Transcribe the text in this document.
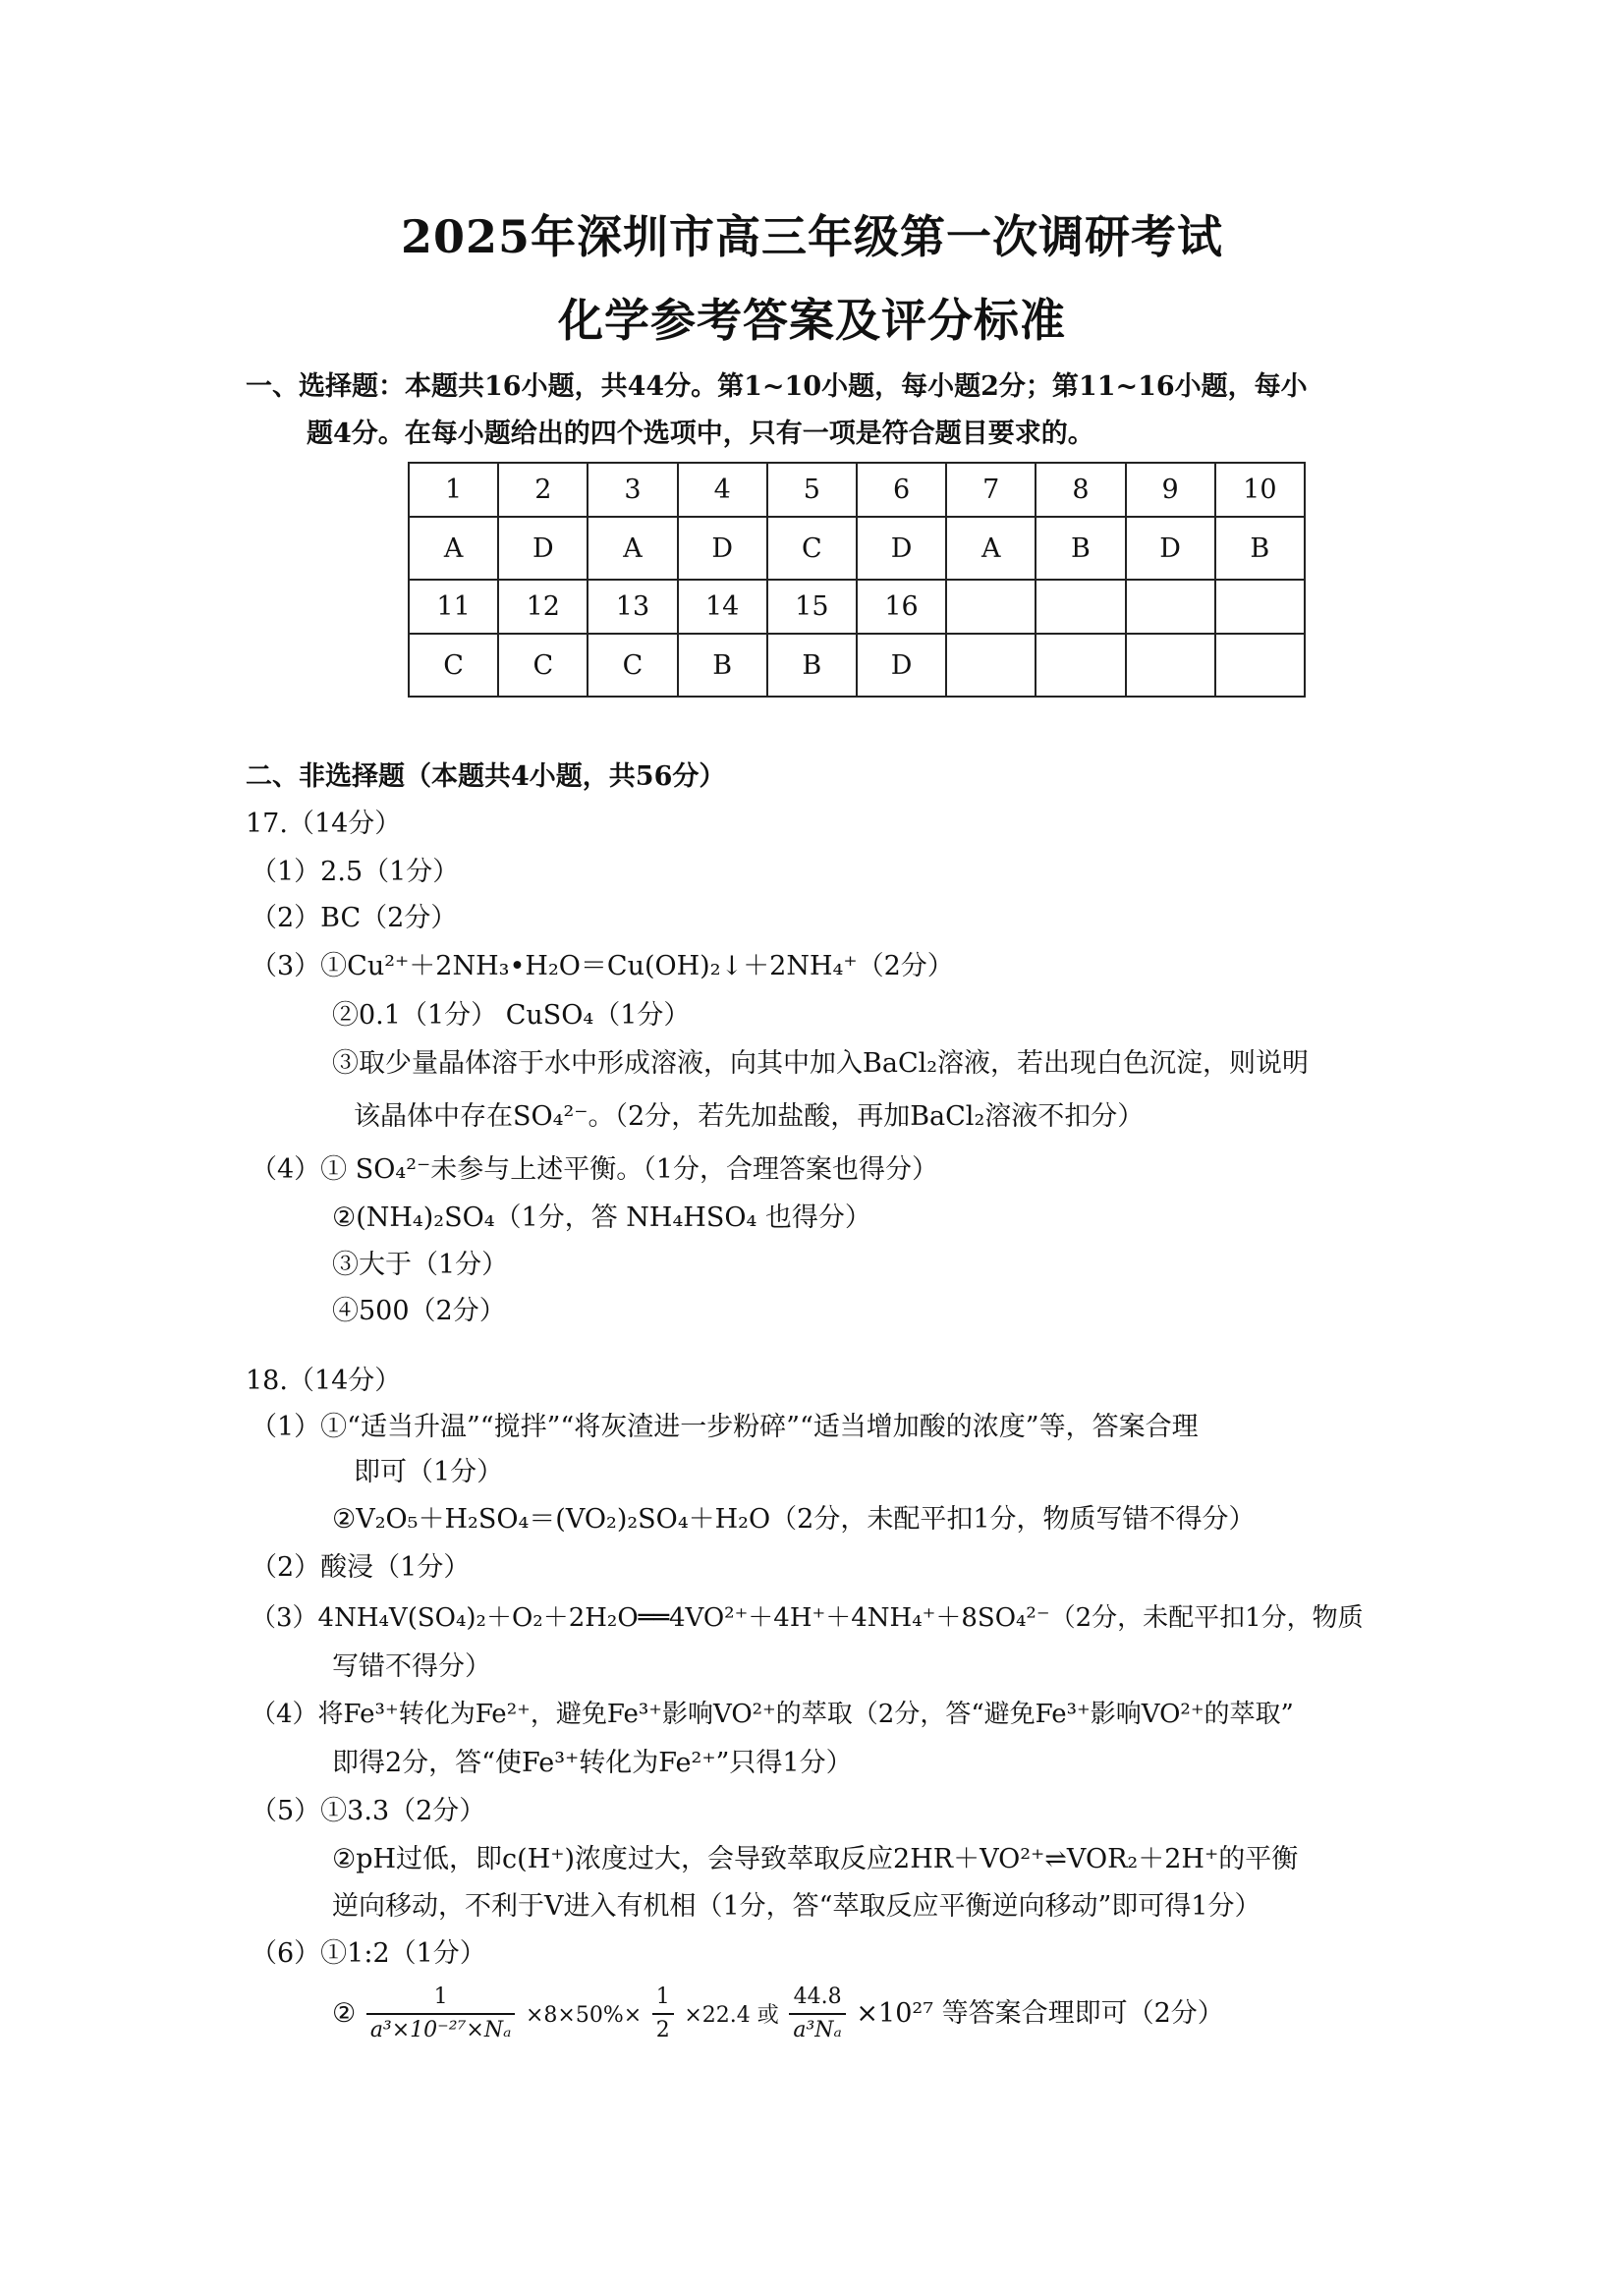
2025年深圳市高三年级第一次调研考试
化学参考答案及评分标准
一、选择题：本题共16小题，共44分。第1~10小题，每小题2分；第11~16小题，每小
题4分。在每小题给出的四个选项中，只有一项是符合题目要求的。
1	2	3	4	5	6	7	8	9	10
A	D	A	D	C	D	A	B	D	B
11	12	13	14	15	16				
C	C	C	B	B	D				
二、非选择题（本题共4小题，共56分）
17.（14分）
（1）2.5（1分）
（2）BC（2分）
（3）①Cu²⁺＋2NH₃•H₂O＝Cu(OH)₂↓＋2NH₄⁺（2分）
②0.1（1分） CuSO₄（1分）
③取少量晶体溶于水中形成溶液，向其中加入BaCl₂溶液，若出现白色沉淀，则说明
该晶体中存在SO₄²⁻。（2分，若先加盐酸，再加BaCl₂溶液不扣分）
（4）① SO₄²⁻未参与上述平衡。（1分，合理答案也得分）
②(NH₄)₂SO₄（1分，答 NH₄HSO₄ 也得分）
③大于（1分）
④500（2分）
18.（14分）
（1）①“适当升温”“搅拌”“将灰渣进一步粉碎”“适当增加酸的浓度”等，答案合理
即可（1分）
②V₂O₅＋H₂SO₄＝(VO₂)₂SO₄＋H₂O（2分，未配平扣1分，物质写错不得分）
（2）酸浸（1分）
（3）4NH₄V(SO₄)₂＋O₂＋2H₂O══4VO²⁺＋4H⁺＋4NH₄⁺＋8SO₄²⁻（2分，未配平扣1分，物质
写错不得分）
（4）将Fe³⁺转化为Fe²⁺，避免Fe³⁺影响VO²⁺的萃取（2分，答“避免Fe³⁺影响VO²⁺的萃取”
即得2分，答“使Fe³⁺转化为Fe²⁺”只得1分）
（5）①3.3（2分）
②pH过低，即c(H⁺)浓度过大，会导致萃取反应2HR＋VO²⁺⇌VOR₂＋2H⁺的平衡
逆向移动，不利于V进入有机相（1分，答“萃取反应平衡逆向移动”即可得1分）
（6）①1:2（1分）
② $\frac{1}{\text{a³×10⁻²⁷×Nₐ}} \times 8\times 50\%\times \frac{1}{2} \times 22.4$ 或 $\frac{44.8}{\text{a³Nₐ}} \times 10^{27}$ 等答案合理即可（2分）
